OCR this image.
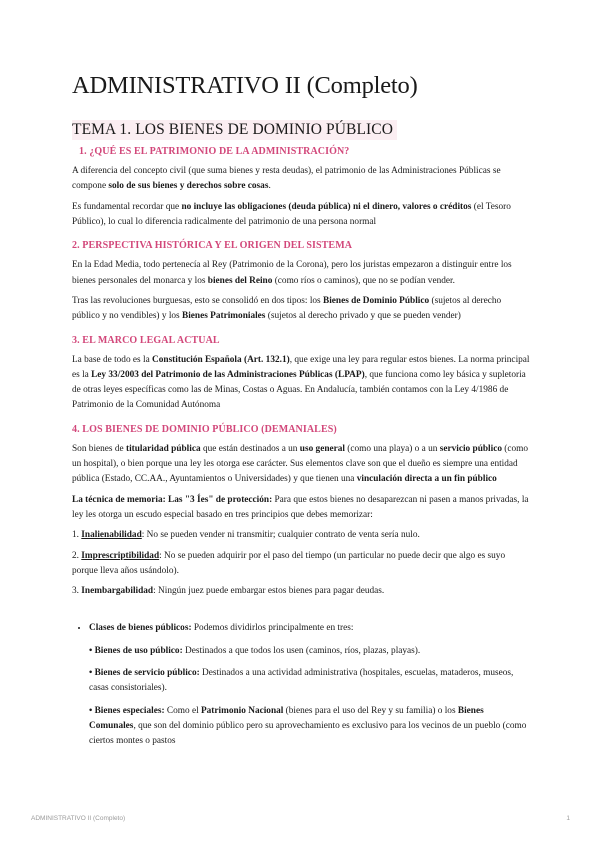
ADMINISTRATIVO II (Completo)
TEMA 1. LOS BIENES DE DOMINIO PÚBLICO
1. ¿QUÉ ES EL PATRIMONIO DE LA ADMINISTRACIÓN?

A diferencia del concepto civil (que suma bienes y resta deudas), el patrimonio de las Administraciones Públicas se compone solo de sus bienes y derechos sobre cosas.

Es fundamental recordar que no incluye las obligaciones (deuda pública) ni el dinero, valores o créditos (el Tesoro Público), lo cual lo diferencia radicalmente del patrimonio de una persona normal

2. PERSPECTIVA HISTÓRICA Y EL ORIGEN DEL SISTEMA

En la Edad Media, todo pertenecía al Rey (Patrimonio de la Corona), pero los juristas empezaron a distinguir entre los bienes personales del monarca y los bienes del Reino (como ríos o caminos), que no se podían vender.

Tras las revoluciones burguesas, esto se consolidó en dos tipos: los Bienes de Dominio Público (sujetos al derecho público y no vendibles) y los Bienes Patrimoniales (sujetos al derecho privado y que se pueden vender)

3. EL MARCO LEGAL ACTUAL

La base de todo es la Constitución Española (Art. 132.1), que exige una ley para regular estos bienes. La norma principal es la Ley 33/2003 del Patrimonio de las Administraciones Públicas (LPAP), que funciona como ley básica y supletoria de otras leyes específicas como las de Minas, Costas o Aguas. En Andalucía, también contamos con la Ley 4/1986 de Patrimonio de la Comunidad Autónoma

4. LOS BIENES DE DOMINIO PÚBLICO (DEMANIALES)

Son bienes de titularidad pública que están destinados a un uso general (como una playa) o a un servicio público (como un hospital), o bien porque una ley les otorga ese carácter. Sus elementos clave son que el dueño es siempre una entidad pública (Estado, CC.AA., Ayuntamientos o Universidades) y que tienen una vinculación directa a un fin público

La técnica de memoria: Las "3 Íes" de protección: Para que estos bienes no desaparezcan ni pasen a manos privadas, la ley les otorga un escudo especial basado en tres principios que debes memorizar:

1. Inalienabilidad: No se pueden vender ni transmitir; cualquier contrato de venta sería nulo.

2. Imprescriptibilidad: No se pueden adquirir por el paso del tiempo (un particular no puede decir que algo es suyo porque lleva años usándolo).

3. Inembargabilidad: Ningún juez puede embargar estos bienes para pagar deudas.

• Clases de bienes públicos: Podemos dividirlos principalmente en tres:
• Bienes de uso público: Destinados a que todos los usen (caminos, ríos, plazas, playas).
• Bienes de servicio público: Destinados a una actividad administrativa (hospitales, escuelas, mataderos, museos, casas consistoriales).
• Bienes especiales: Como el Patrimonio Nacional (bienes para el uso del Rey y su familia) o los Bienes Comunales, que son del dominio público pero su aprovechamiento es exclusivo para los vecinos de un pueblo (como ciertos montes o pastos
ADMINISTRATIVO II (Completo)	1
